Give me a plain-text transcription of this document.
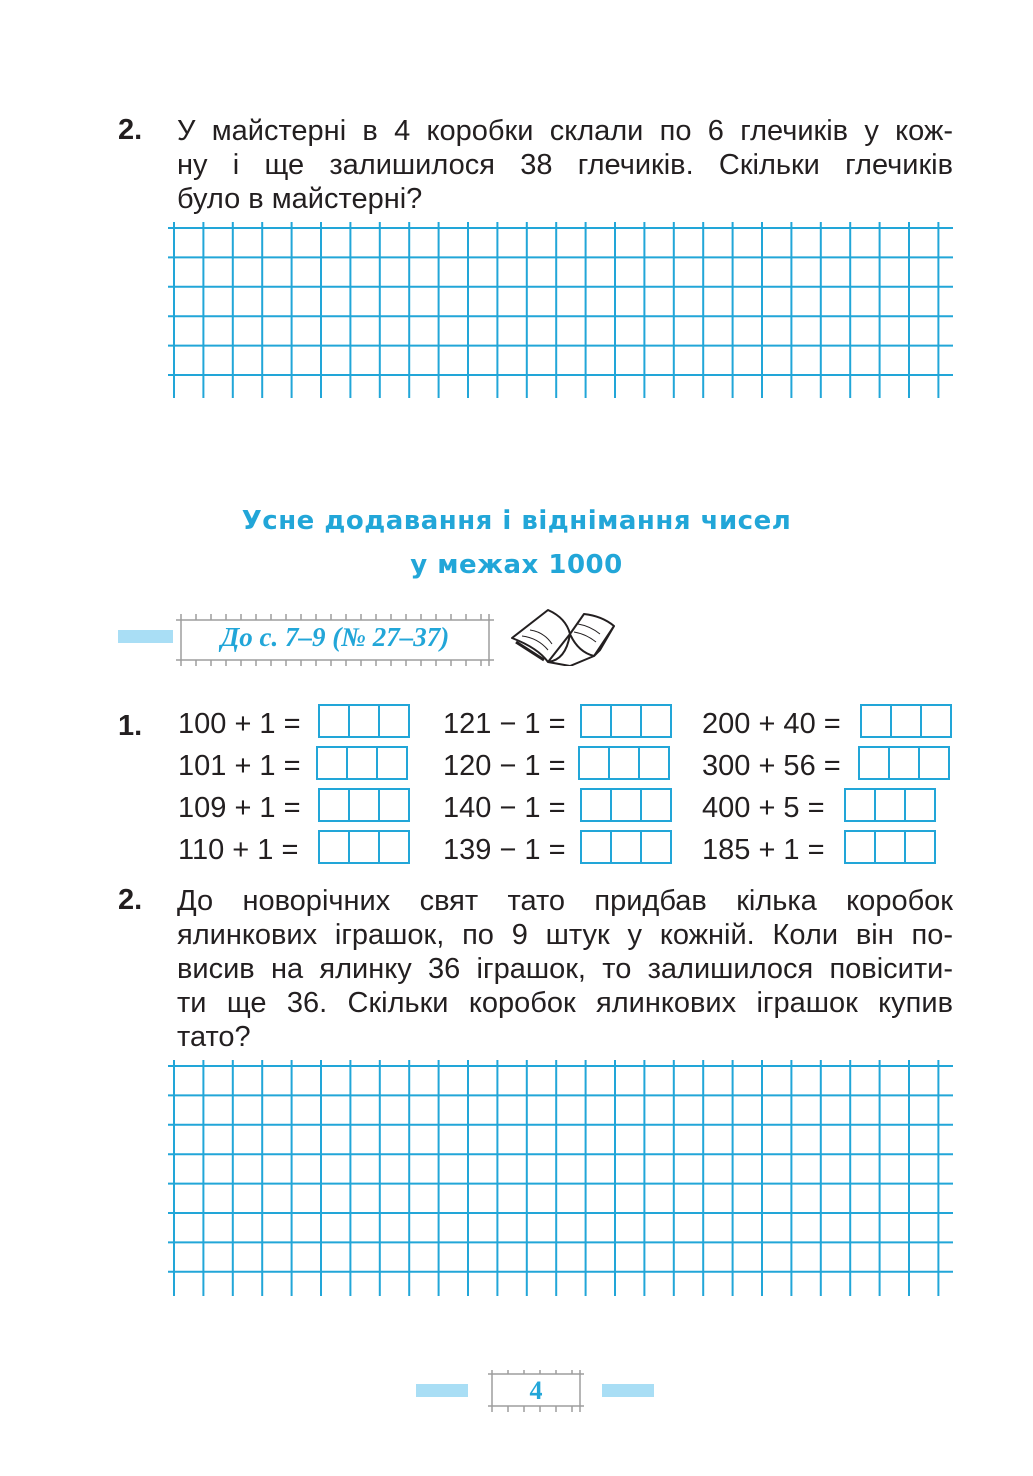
2. У майстерні в 4 коробки склали по 6 глечиків у кож-
ну і ще залишилося 38 глечиків. Скільки глечиків
було в майстерні?
Усне додавання і віднімання чисел
у межах 1000
До с. 7–9 (№ 27–37)
1. 100 + 1 =
101 + 1 =
109 + 1 =
110 + 1 =
121 − 1 =
120 − 1 =
140 − 1 =
139 − 1 =
200 + 40 =
300 + 56 =
400 + 5 =
185 + 1 =
2. До новорічних свят тато придбав кілька коробок
ялинкових іграшок, по 9 штук у кожній. Коли він по-
висив на ялинку 36 іграшок, то залишилося повісити-
ти ще 36. Скільки коробок ялинкових іграшок купив
тато?
4
